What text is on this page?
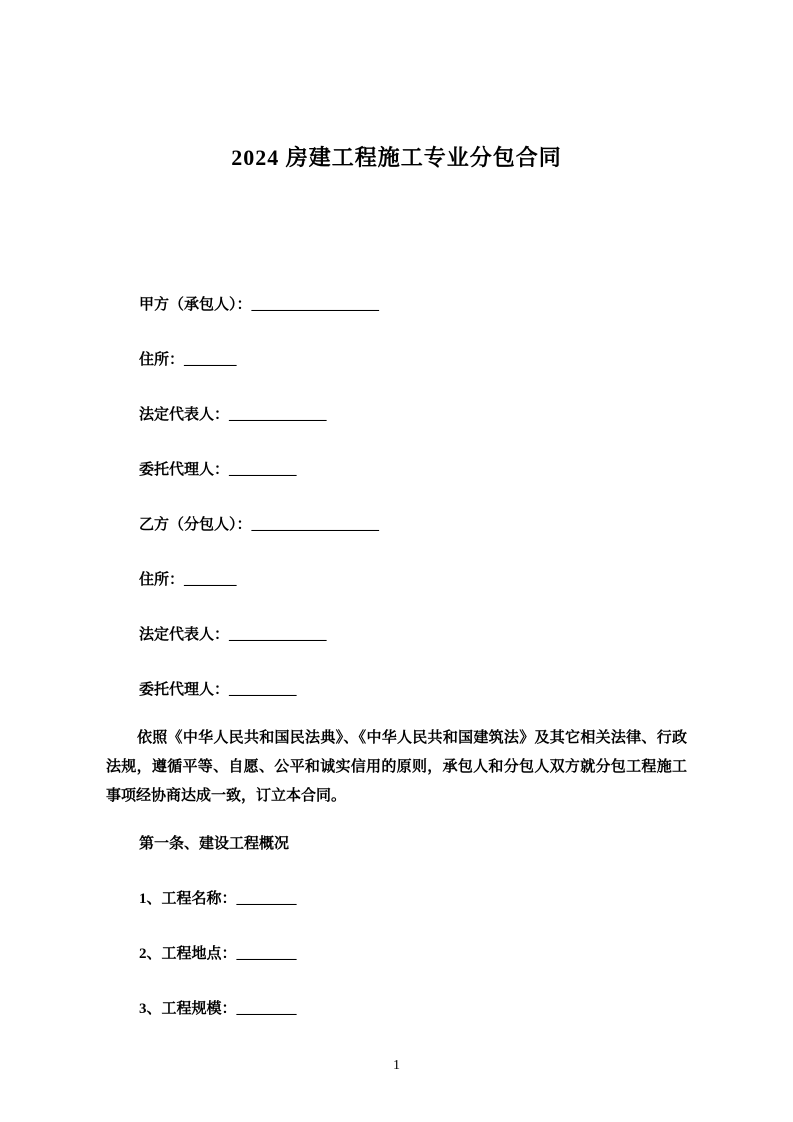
2024 房建工程施工专业分包合同
甲方（承包人）：_________________
住所：_______
法定代表人：_____________
委托代理人：_________
乙方（分包人）：_________________
住所：_______
法定代表人：_____________
委托代理人：_________

依照《中华人民共和国民法典》、《中华人民共和国建筑法》及其它相关法律、行政法规，遵循平等、自愿、公平和诚实信用的原则，承包人和分包人双方就分包工程施工事项经协商达成一致，订立本合同。

第一条、建设工程概况
1、工程名称：________
2、工程地点：________
3、工程规模：________
1
